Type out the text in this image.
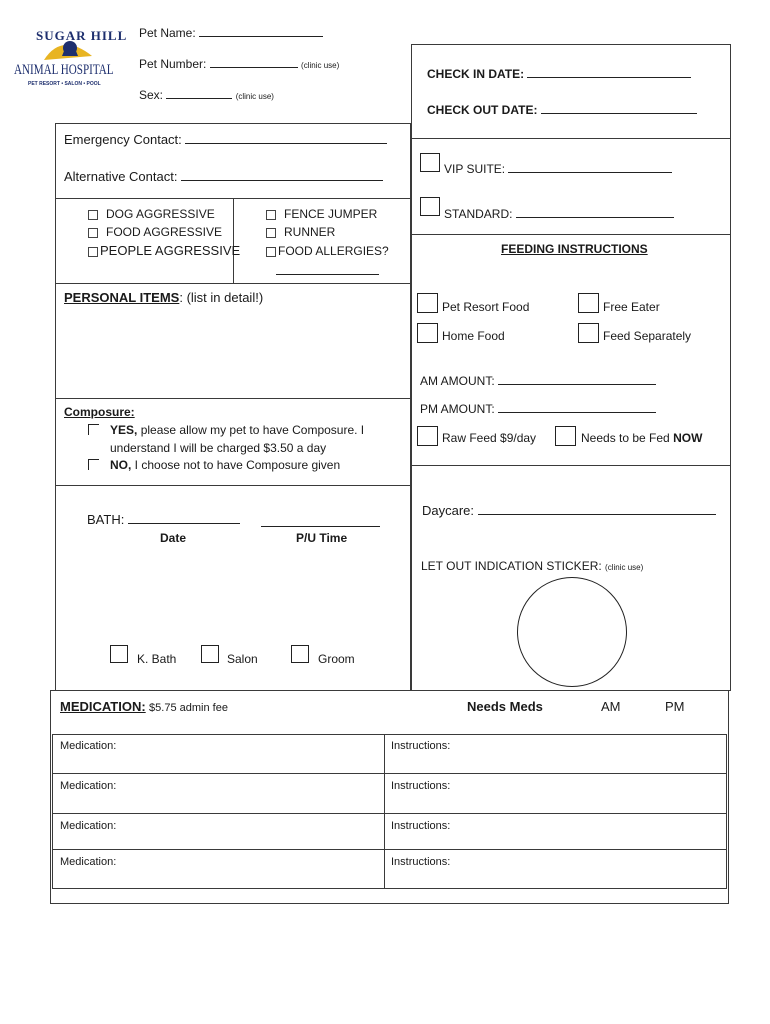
SUGAR HILL
ANIMAL HOSPITAL
PET RESORT • SALON • POOL
Pet Name:
Pet Number:	(clinic use)
Sex:	(clinic use)
CHECK IN DATE:
CHECK OUT DATE:
Emergency Contact:
Alternative Contact:
DOG AGGRESSIVE
FOOD AGGRESSIVE
PEOPLE AGGRESSIVE
FENCE JUMPER
RUNNER
FOOD ALLERGIES?
PERSONAL ITEMS: (list in detail!)
Composure:
YES, please allow my pet to have Composure. I
understand I will be charged $3.50 a day
NO, I choose not to have Composure given
BATH:
Date	P/U Time
K. Bath	Salon	Groom
VIP SUITE:
STANDARD:
FEEDING INSTRUCTIONS
Pet Resort Food	Free Eater
Home Food	Feed Separately
AM AMOUNT:
PM AMOUNT:
Raw Feed $9/day	Needs to be Fed NOW
Daycare:
LET OUT INDICATION STICKER: (clinic use)
MEDICATION: $5.75 admin fee	Needs Meds	AM	PM
Medication:	Instructions:
Medication:	Instructions:
Medication:	Instructions:
Medication:	Instructions:
